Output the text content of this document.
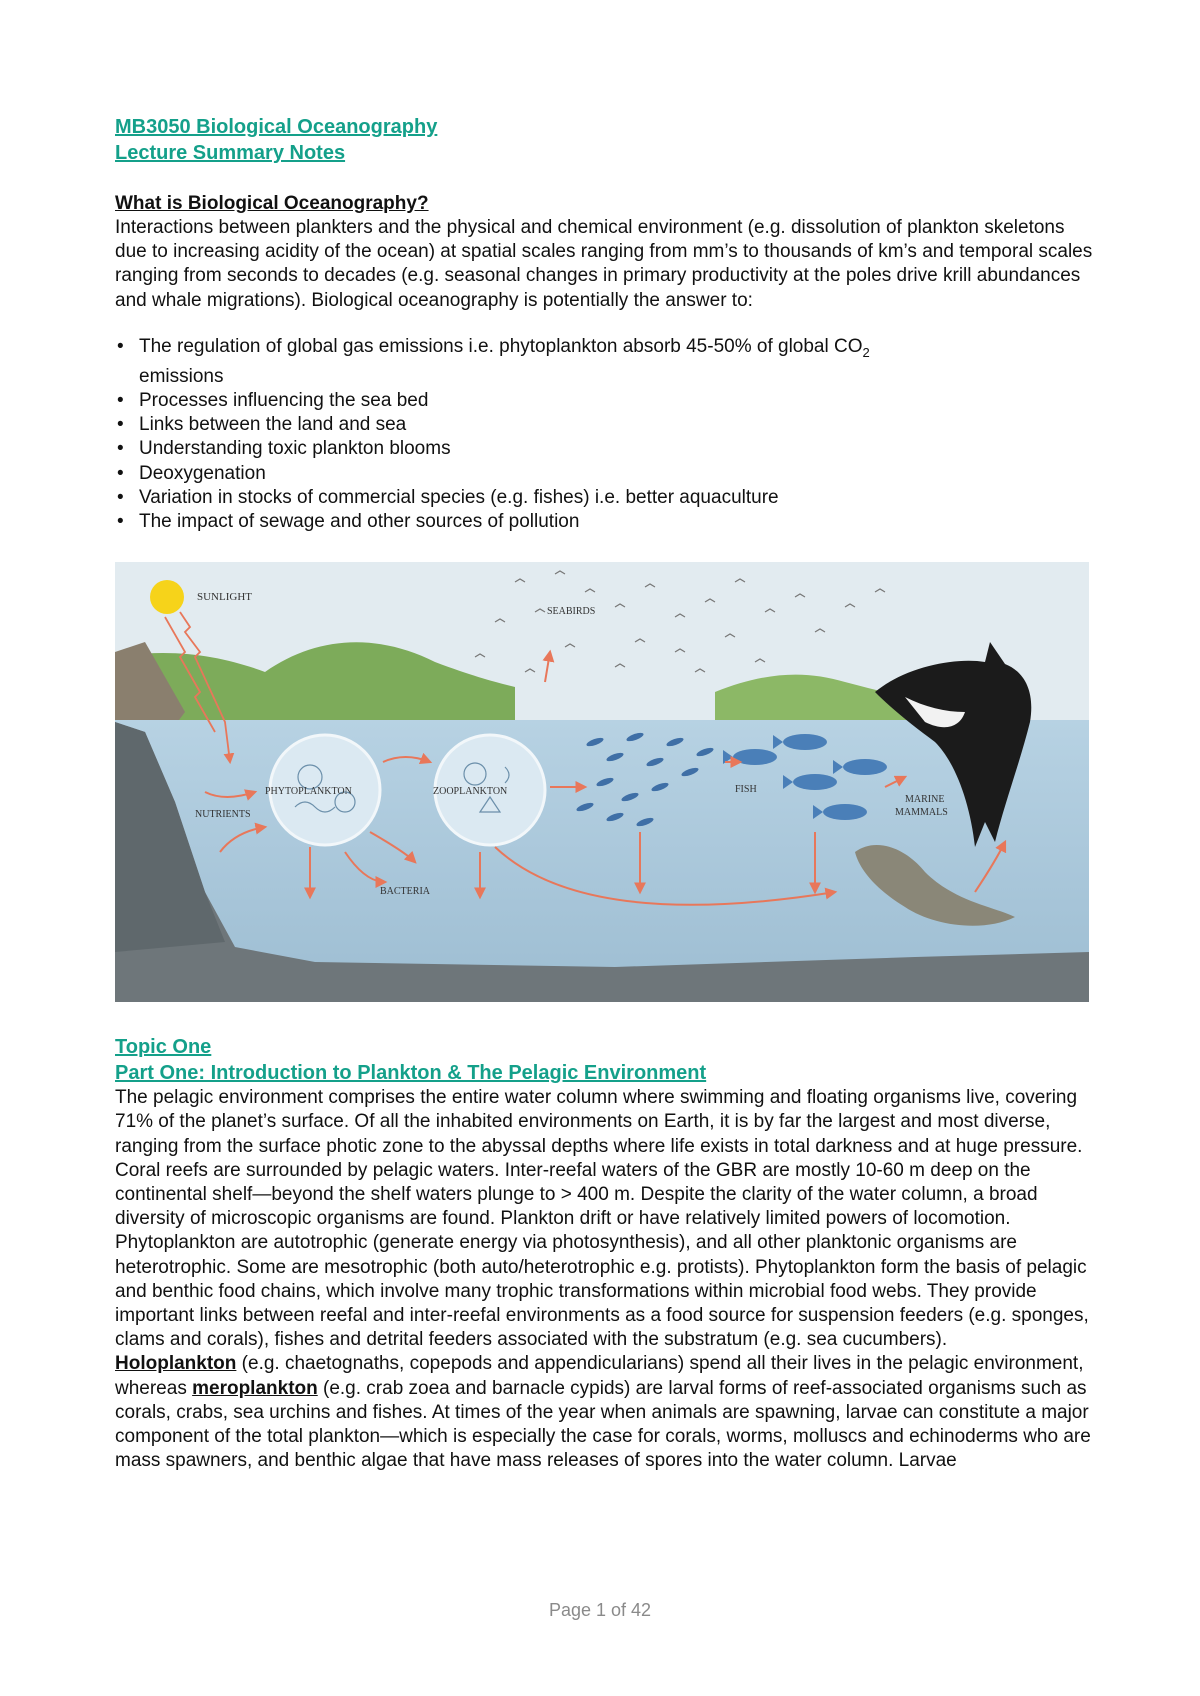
MB3050 Biological Oceanography
Lecture Summary Notes
What is Biological Oceanography?

Interactions between plankters and the physical and chemical environment (e.g. dissolution of plankton skeletons due to increasing acidity of the ocean) at spatial scales ranging from mm’s to thousands of km’s and temporal scales ranging from seconds to decades (e.g. seasonal changes in primary productivity at the poles drive krill abundances and whale migrations). Biological oceanography is potentially the answer to:

• The regulation of global gas emissions i.e. phytoplankton absorb 45-50% of global $CO_2$
emissions
• Processes influencing the sea bed
• Links between the land and sea
• Understanding toxic plankton blooms
• Deoxygenation
• Variation in stocks of commercial species (e.g. fishes) i.e. better aquaculture
• The impact of sewage and other sources of pollution
SUNLIGHT
SEABIRDS
PHYTOPLANKTON	ZOOPLANKTON	FISH
MARINE
MAMMALS
NUTRIENTS
BACTERIA
Topic One
Part One: Introduction to Plankton & The Pelagic Environment

The pelagic environment comprises the entire water column where swimming and floating organisms live, covering 71% of the planet’s surface. Of all the inhabited environments on Earth, it is by far the largest and most diverse, ranging from the surface photic zone to the abyssal depths where life exists in total darkness and at huge pressure. Coral reefs are surrounded by pelagic waters. Inter-reefal waters of the GBR are mostly 10-60 m deep on the continental shelf—beyond the shelf waters plunge to > 400 m. Despite the clarity of the water column, a broad diversity of microscopic organisms are found. Plankton drift or have relatively limited powers of locomotion. Phytoplankton are autotrophic (generate energy via photosynthesis), and all other planktonic organisms are heterotrophic. Some are mesotrophic (both auto/heterotrophic e.g. protists). Phytoplankton form the basis of pelagic and benthic food chains, which involve many trophic transformations within microbial food webs. They provide important links between reefal and inter-reefal environments as a food source for suspension feeders (e.g. sponges, clams and corals), fishes and detrital feeders associated with the substratum (e.g. sea cucumbers).

Holoplankton (e.g. chaetognaths, copepods and appendicularians) spend all their lives in the pelagic environment, whereas meroplankton (e.g. crab zoea and barnacle cypids) are larval forms of reef-associated organisms such as corals, crabs, sea urchins and fishes. At times of the year when animals are spawning, larvae can constitute a major component of the total plankton—which is especially the case for corals, worms, molluscs and echinoderms who are mass spawners, and benthic algae that have mass releases of spores into the water column. Larvae

Page 1 of 42
